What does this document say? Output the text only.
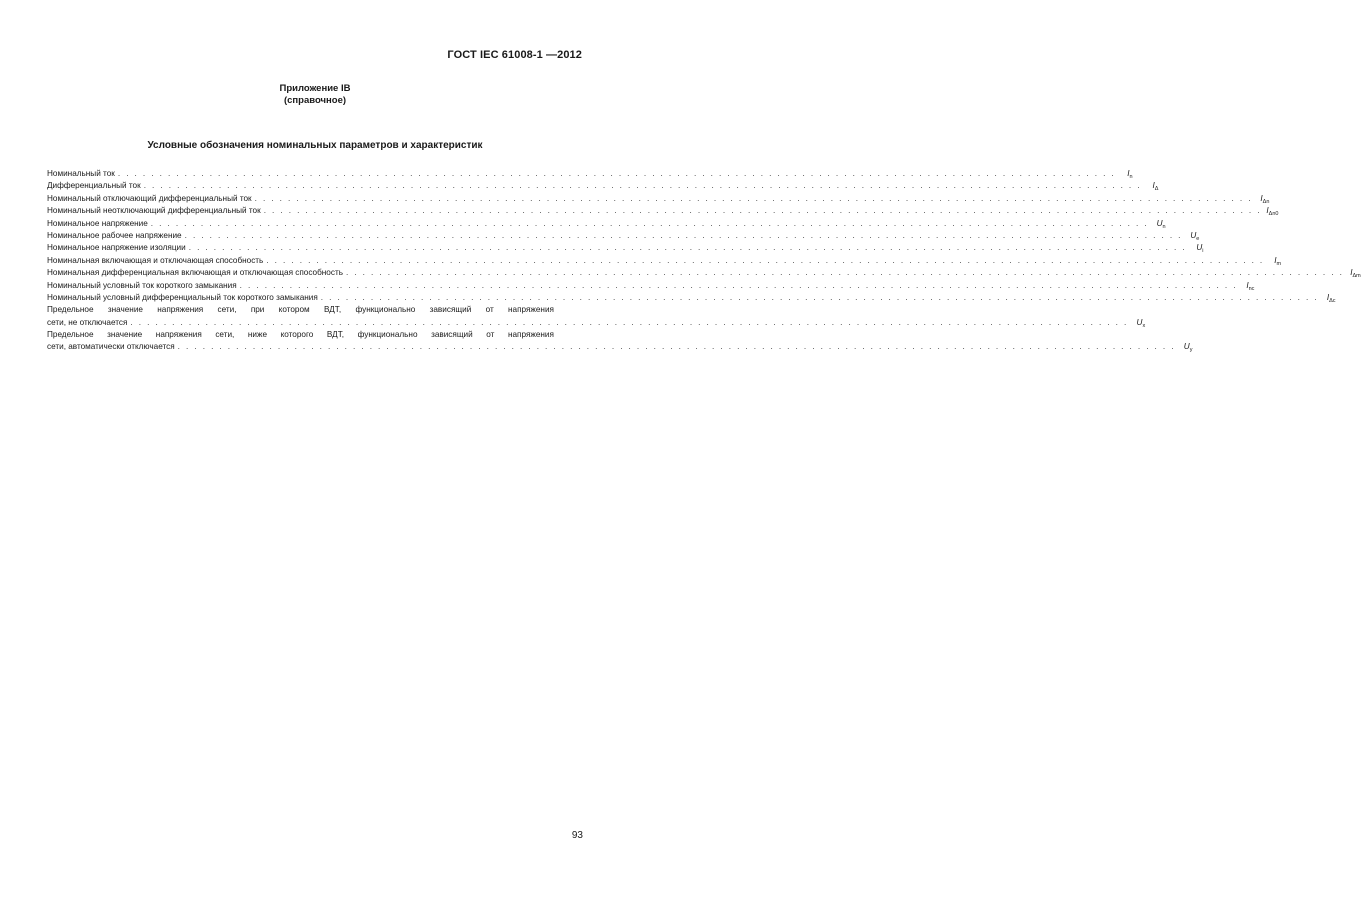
ГОСТ IEC 61008-1 —2012
Приложение IB
(справочное)
Условные обозначения номинальных параметров и характеристик
Номинальный ток . . . . . . . . . . . . . . . . . . . . . . . . . . . . . . . . . . . . . . . . . . . . . . . . . . . . . . . . . . . . . . . . . . . . . . . . . . . . . . . . . . . . . . . . . . . . . . . . . . . . . . . . . . . . . . . . . . . . . . . .	$I_n$
Дифференциальный ток . . . . . . . . . . . . . . . . . . . . . . . . . . . . . . . . . . . . . . . . . . . . . . . . . . . . . . . . . . . . . . . . . . . . . . . . . . . . . . . . . . . . . . . . . . . . . . . . . . . . . . . . . . . . . . . . . . . . . . . .	$I_\Delta$
Номинальный отключающий дифференциальный ток . . . . . . . . . . . . . . . . . . . . . . . . . . . . . . . . . . . . . . . . . . . . . . . . . . . . . . . . . . . . . . . . . . . . . . . . . . . . . . . . . . . . . . . . . . . . . . . . . . . . . . . . . . . . . . . . . . . . . . . . $I_{\Delta n}$
Номинальный неотключающий дифференциальный ток . . . . . . . . . . . . . . . . . . . . . . . . . . . . . . . . . . . . . . . . . . . . . . . . . . . . . . . . . . . . . . . . . . . . . . . . . . . . . . . . . . . . . . . . . . . . . . . . . . . . . . . . . . . . . . . . . . . . . . . . $I_{\Delta n0}$
Номинальное напряжение . . . . . . . . . . . . . . . . . . . . . . . . . . . . . . . . . . . . . . . . . . . . . . . . . . . . . . . . . . . . . . . . . . . . . . . . . . . . . . . . . . . . . . . . . . . . . . . . . . . . . . . . . . . . . . . . . . . . . . . . $U_n$
Номинальное рабочее напряжение . . . . . . . . . . . . . . . . . . . . . . . . . . . . . . . . . . . . . . . . . . . . . . . . . . . . . . . . . . . . . . . . . . . . . . . . . . . . . . . . . . . . . . . . . . . . . . . . . . . . . . . . . . . . . . . . . . . . . . . . $U_e$
Номинальное напряжение изоляции . . . . . . . . . . . . . . . . . . . . . . . . . . . . . . . . . . . . . . . . . . . . . . . . . . . . . . . . . . . . . . . . . . . . . . . . . . . . . . . . . . . . . . . . . . . . . . . . . . . . . . . . . . . . . . . . . . . . . . . .	$U_i$
Номинальная включающая и отключающая способность . . . . . . . . . . . . . . . . . . . . . . . . . . . . . . . . . . . . . . . . . . . . . . . . . . . . . . . . . . . . . . . . . . . . . . . . . . . . . . . . . . . . . . . . . . . . . . . . . . . . . . . . . . . . . . . . . . . . . . . .	$I_m$
Номинальная дифференциальная включающая и отключающая способность . . . . . . . . . . . . . . . . . . . . . . . . . . . . . . . . . . . . . . . . . . . . . . . . . . . . . . . . . . . . . . . . . . . . . . . . . . . . . . . . . . . . . . . . . . . . . . . . . . . . . . . . . . . . . . . . . . . . . . . . $I_{\Delta m}$
Номинальный условный ток короткого замыкания . . . . . . . . . . . . . . . . . . . . . . . . . . . . . . . . . . . . . . . . . . . . . . . . . . . . . . . . . . . . . . . . . . . . . . . . . . . . . . . . . . . . . . . . . . . . . . . . . . . . . . . . . . . . . . . . . . . . . . . .	$I_{nc}$
Номинальный условный дифференциальный ток короткого замыкания . . . . . . . . . . . . . . . . . . . . . . . . . . . . . . . . . . . . . . . . . . . . . . . . . . . . . . . . . . . . . . . . . . . . . . . . . . . . . . . . . . . . . . . . . . . . . . . . . . . . . . . . . . . . . . . . . . . . . . . .	$I_{\Delta c}$
Предельное значение напряжения сети, при котором ВДТ, функционально зависящий от напряжения
сети, не отключается . . . . . . . . . . . . . . . . . . . . . . . . . . . . . . . . . . . . . . . . . . . . . . . . . . . . . . . . . . . . . . . . . . . . . . . . . . . . . . . . . . . . . . . . . . . . . . . . . . . . . . . . . . . . . . . . . . . . . . . .	$U_x$
Предельное значение напряжения сети, ниже которого ВДТ, функционально зависящий от напряжения
сети, автоматически отключается . . . . . . . . . . . . . . . . . . . . . . . . . . . . . . . . . . . . . . . . . . . . . . . . . . . . . . . . . . . . . . . . . . . . . . . . . . . . . . . . . . . . . . . . . . . . . . . . . . . . . . . . . . . . . . . . . . . . . . . .	$U_y$
93
